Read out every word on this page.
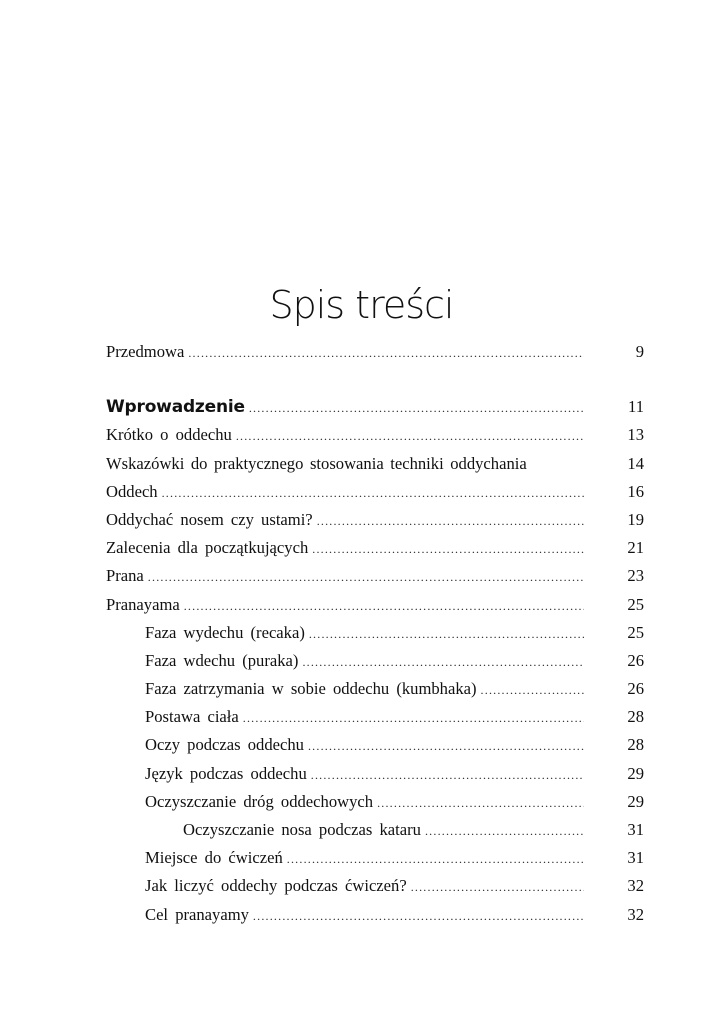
Spis treści
Przedmowa .....	9
Wprowadzenie .....	11
Krótko o oddechu .....	13
Wskazówki do praktycznego stosowania techniki oddychania	14
Oddech .....	16
Oddychać nosem czy ustami? .....	19
Zalecenia dla początkujących .....	21
Prana .....	23
Pranayama .....	25
Faza wydechu (recaka) .....	25
Faza wdechu (puraka) .....	26
Faza zatrzymania w sobie oddechu (kumbhaka) .....	26
Postawa ciała .....	28
Oczy podczas oddechu .....	28
Język podczas oddechu .....	29
Oczyszczanie dróg oddechowych .....	29
Oczyszczanie nosa podczas kataru .....	31
Miejsce do ćwiczeń .....	31
Jak liczyć oddechy podczas ćwiczeń? .....	32
Cel pranayamy .....	32
